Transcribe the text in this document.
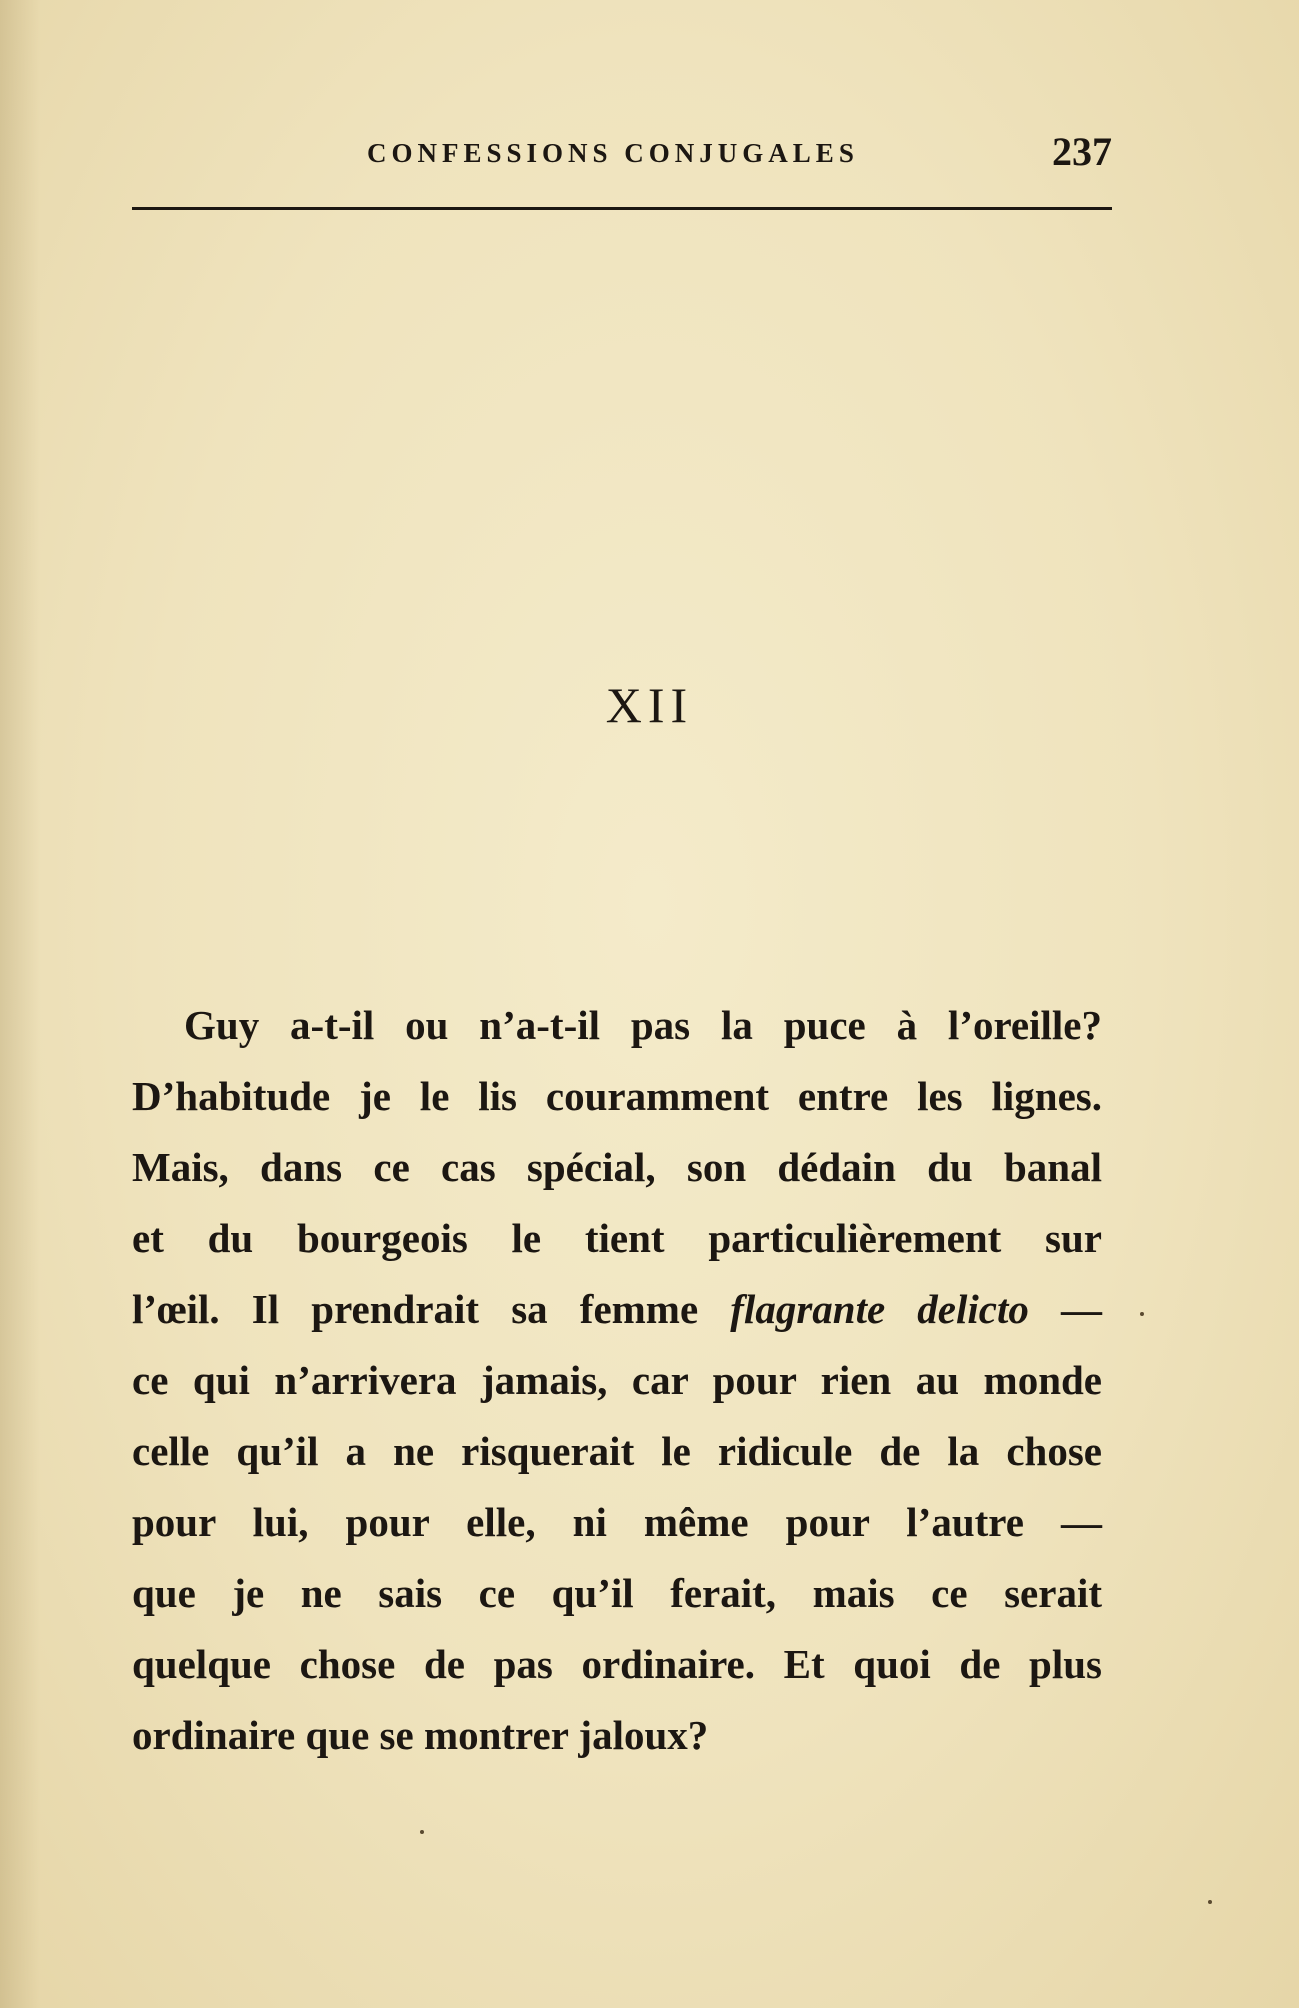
CONFESSIONS CONJUGALES	237
XII
Guy a-t-il ou n’a-t-il pas la puce à l’oreille?
D’habitude je le lis couramment entre les lignes.
Mais, dans ce cas spécial, son dédain du banal
et du bourgeois le tient particulièrement sur
l’œil. Il prendrait sa femme flagrante delicto —
ce qui n’arrivera jamais, car pour rien au monde
celle qu’il a ne risquerait le ridicule de la chose
pour lui, pour elle, ni même pour l’autre —
que je ne sais ce qu’il ferait, mais ce serait
quelque chose de pas ordinaire. Et quoi de plus
ordinaire que se montrer jaloux?
